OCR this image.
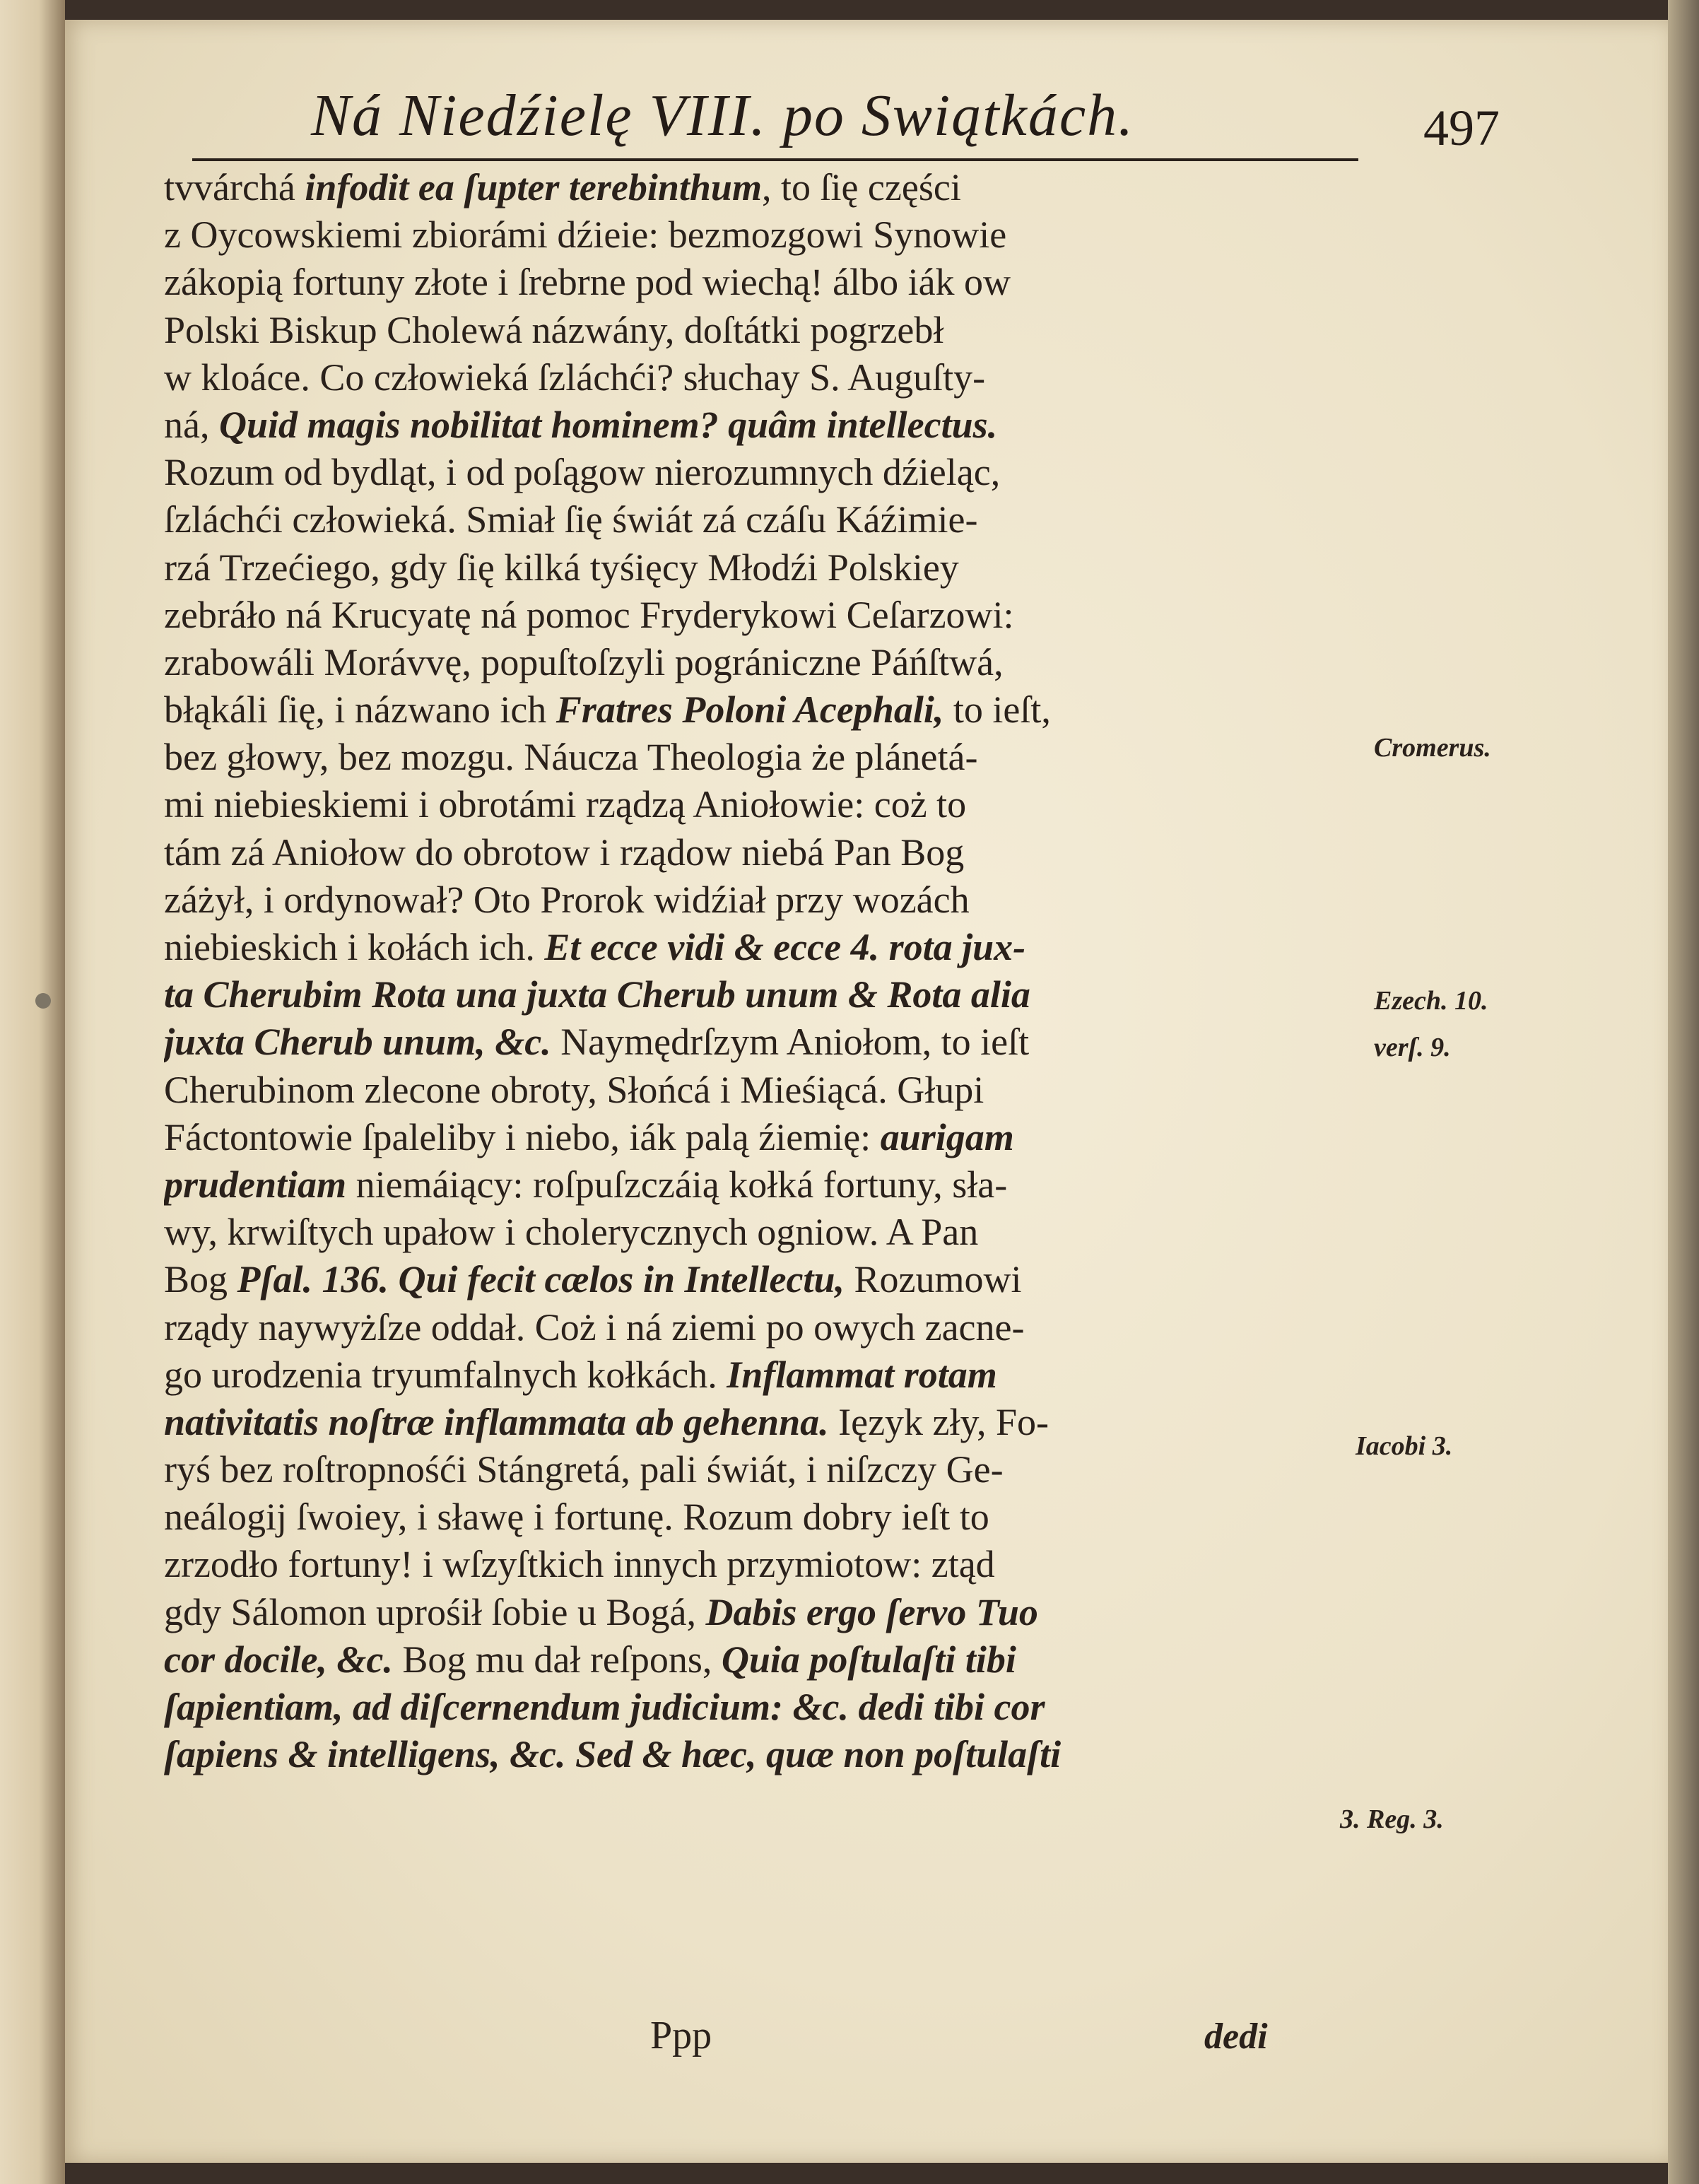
Ná Niedźielę VIII. po Swiątkách.	497
tvvárchá infodit ea ſupter terebinthum, to ſię części
z Oycowskiemi zbiorámi dźieie: bezmozgowi Synowie
zákopią fortuny złote i ſrebrne pod wiechą! álbo iák ow
Polski Biskup Cholewá názwány, doſtátki pogrzebł
w kloáce. Co człowieká ſzláchći? słuchay S. Auguſty-
ná, Quid magis nobilitat hominem? quâm intellectus.
Rozum od bydląt, i od poſągow nierozumnych dźieląc,
ſzláchći człowieká. Smiał ſię świát zá czáſu Káźimie-
rzá Trzećiego, gdy ſię kilká tyśięcy Młodźi Polskiey
zebráło ná Krucyatę ná pomoc Fryderykowi Ceſarzowi:
zrabowáli Morávvę, popuſtoſzyli pográniczne Páńſtwá,
błąkáli ſię, i názwano ich Fratres Poloni Acephali, to ieſt,
bez głowy, bez mozgu. Náucza Theologia że plánetá-
mi niebieskiemi i obrotámi rządzą Aniołowie: coż to
tám zá Aniołow do obrotow i rządow niebá Pan Bog
záżył, i ordynował? Oto Prorok widźiał przy wozách
niebieskich i kołách ich. Et ecce vidi & ecce 4. rota jux-
ta Cherubim Rota una juxta Cherub unum & Rota alia
juxta Cherub unum, &c. Naymędrſzym Aniołom, to ieſt
Cherubinom zlecone obroty, Słońcá i Mieśiącá. Głupi
Fáctontowie ſpaleliby i niebo, iák palą źiemię: aurigam
prudentiam niemáiący: roſpuſzczáią kołká fortuny, sła-
wy, krwiſtych upałow i cholerycznych ogniow. A Pan
Bog Pſal. 136. Qui fecit cælos in Intellectu, Rozumowi
rządy naywyżſze oddał. Coż i ná ziemi po owych zacne-
go urodzenia tryumfalnych kołkách. Inflammat rotam
nativitatis noſtræ inflammata ab gehenna. Ięzyk zły, Fo-
ryś bez roſtropnośći Stángretá, pali świát, i niſzczy Ge-
neálogij ſwoiey, i sławę i fortunę. Rozum dobry ieſt to
zrzodło fortuny! i wſzyſtkich innych przymiotow: ztąd
gdy Sálomon uprośił ſobie u Bogá, Dabis ergo ſervo Tuo
cor docile, &c. Bog mu dał reſpons, Quia poſtulaſti tibi
ſapientiam, ad diſcernendum judicium: &c. dedi tibi cor
ſapiens & intelligens, &c. Sed & hæc, quæ non poſtulaſti
Cromerus.
Ezech. 10.
verſ. 9.
Iacobi 3.
3. Reg. 3.
Ppp	dedi
